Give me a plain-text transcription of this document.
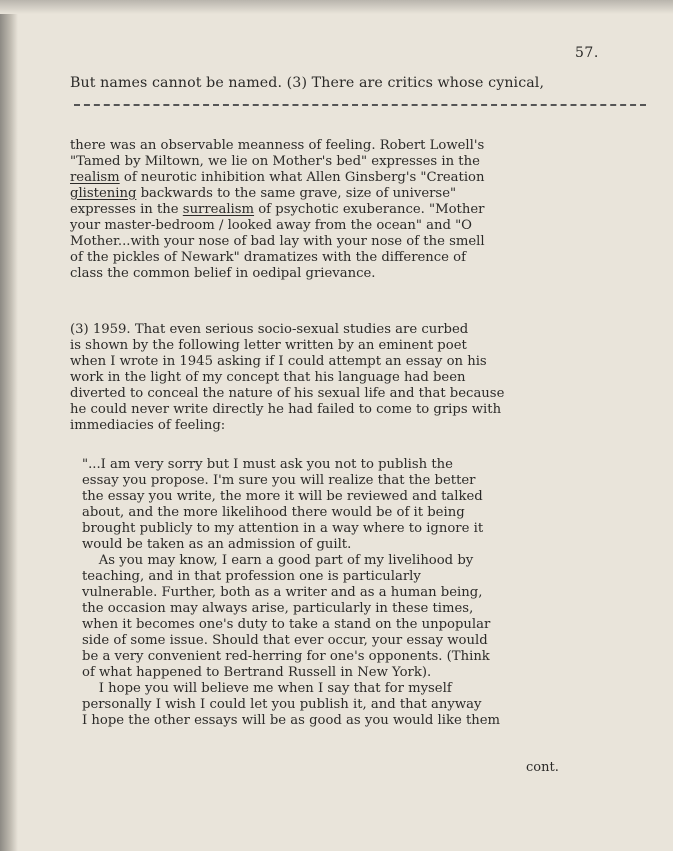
57.
But names cannot be named. (3) There are critics whose cynical,
there was an observable meanness of feeling. Robert Lowell's
"Tamed by Miltown, we lie on Mother's bed" expresses in the
realism of neurotic inhibition what Allen Ginsberg's "Creation
glistening backwards to the same grave, size of universe"
expresses in the surrealism of psychotic exuberance. "Mother
your master-bedroom / looked away from the ocean" and "O
Mother...with your nose of bad lay with your nose of the smell
of the pickles of Newark" dramatizes with the difference of
class the common belief in oedipal grievance.
(3) 1959. That even serious socio-sexual studies are curbed
is shown by the following letter written by an eminent poet
when I wrote in 1945 asking if I could attempt an essay on his
work in the light of my concept that his language had been
diverted to conceal the nature of his sexual life and that because
he could never write directly he had failed to come to grips with
immediacies of feeling:
"...I am very sorry but I must ask you not to publish the
essay you propose. I'm sure you will realize that the better
the essay you write, the more it will be reviewed and talked
about, and the more likelihood there would be of it being
brought publicly to my attention in a way where to ignore it
would be taken as an admission of guilt.
As you may know, I earn a good part of my livelihood by
teaching, and in that profession one is particularly
vulnerable. Further, both as a writer and as a human being,
the occasion may always arise, particularly in these times,
when it becomes one's duty to take a stand on the unpopular
side of some issue. Should that ever occur, your essay would
be a very convenient red-herring for one's opponents. (Think
of what happened to Bertrand Russell in New York).
I hope you will believe me when I say that for myself
personally I wish I could let you publish it, and that anyway
I hope the other essays will be as good as you would like them
cont.
